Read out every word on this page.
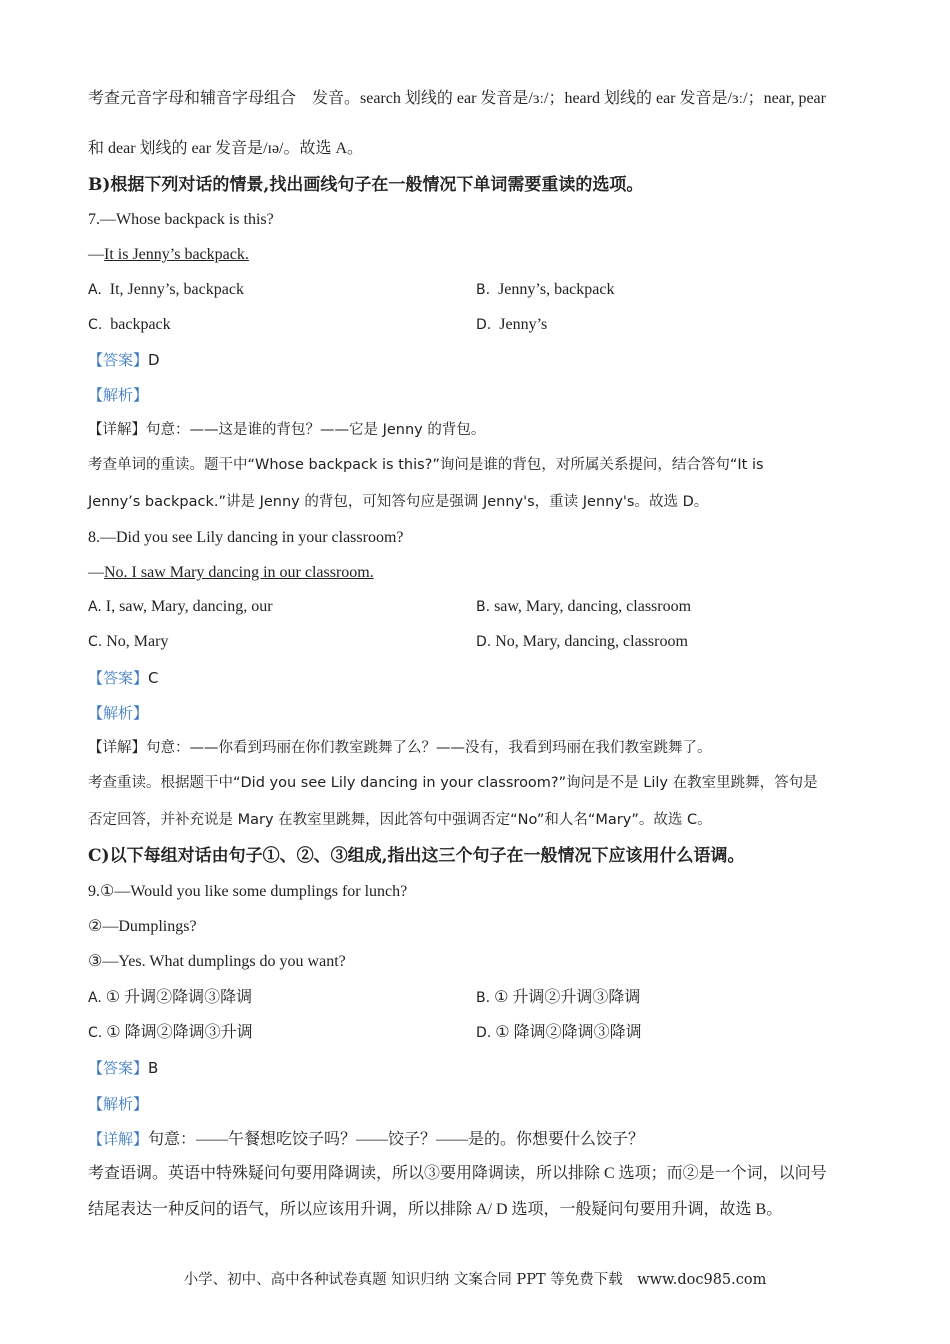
考查元音字母和辅音字母组合　发音。search 划线的 ear 发音是/ɜː/；heard 划线的 ear 发音是/ɜː/；near, pear
和 dear 划线的 ear 发音是/ɪə/。故选 A。
B)根据下列对话的情景,找出画线句子在一般情况下单词需要重读的选项。
7.—Whose backpack is this?
—It is Jenny’s backpack.
A. It, Jenny’s, backpack	B. Jenny’s, backpack
C. backpack	D. Jenny’s
【答案】D
【解析】
【详解】句意：——这是谁的背包？——它是 Jenny 的背包。
考查单词的重读。题干中“Whose backpack is this?”询问是谁的背包，对所属关系提问，结合答句“It is
Jenny’s backpack.”讲是 Jenny 的背包，可知答句应是强调 Jenny's，重读 Jenny's。故选 D。
8.—Did you see Lily dancing in your classroom?
—No. I saw Mary dancing in our classroom.
A. I, saw, Mary, dancing, our	B. saw, Mary, dancing, classroom
C. No, Mary	D. No, Mary, dancing, classroom
【答案】C
【解析】
【详解】句意：——你看到玛丽在你们教室跳舞了么？——没有，我看到玛丽在我们教室跳舞了。
考查重读。根据题干中“Did you see Lily dancing in your classroom?”询问是不是 Lily 在教室里跳舞，答句是
否定回答，并补充说是 Mary 在教室里跳舞，因此答句中强调否定“No”和人名“Mary”。故选 C。
C)以下每组对话由句子①、②、③组成,指出这三个句子在一般情况下应该用什么语调。
9.①—Would you like some dumplings for lunch?
②—Dumplings?
③—Yes. What dumplings do you want?
A. ① 升调②降调③降调	B. ① 升调②升调③降调
C. ① 降调②降调③升调	D. ① 降调②降调③降调
【答案】B
【解析】
【详解】句意：——午餐想吃饺子吗？——饺子？——是的。你想要什么饺子？
考查语调。英语中特殊疑问句要用降调读，所以③要用降调读，所以排除 C 选项；而②是一个词，以问号
结尾表达一种反问的语气，所以应该用升调，所以排除 A/ D 选项，一般疑问句要用升调，故选 B。
小学、初中、高中各种试卷真题 知识归纳 文案合同 PPT 等免费下载　www.doc985.com
